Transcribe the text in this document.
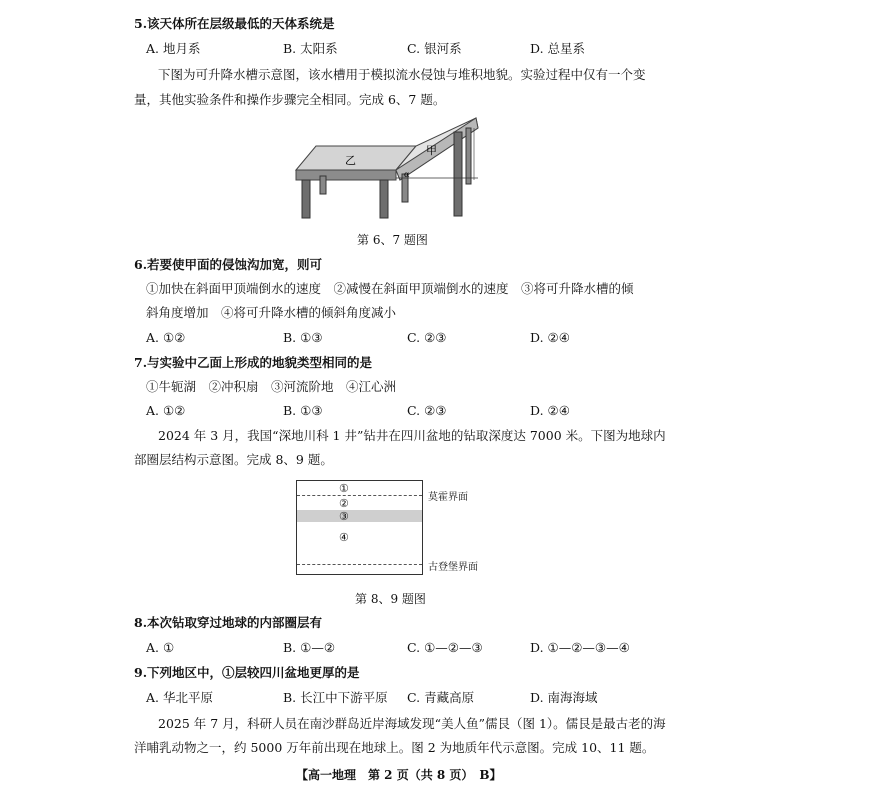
5.该天体所在层级最低的天体系统是
A. 地月系	B. 太阳系	C. 银河系	D. 总星系
下图为可升降水槽示意图，该水槽用于模拟流水侵蚀与堆积地貌。实验过程中仅有一个变
量，其他实验条件和操作步骤完全相同。完成 6、7 题。
乙
甲
α
第 6、7 题图
6.若要使甲面的侵蚀沟加宽，则可
①加快在斜面甲顶端倒水的速度　②减慢在斜面甲顶端倒水的速度　③将可升降水槽的倾
斜角度增加　④将可升降水槽的倾斜角度减小
A. ①②	B. ①③	C. ②③	D. ②④
7.与实验中乙面上形成的地貌类型相同的是
①牛轭湖　②冲积扇　③河流阶地　④江心洲
A. ①②	B. ①③	C. ②③	D. ②④
2024 年 3 月，我国“深地川科 1 井”钻井在四川盆地的钻取深度达 7000 米。下图为地球内
部圈层结构示意图。完成 8、9 题。
①
②
③
④
莫霍界面
古登堡界面
第 8、9 题图
8.本次钻取穿过地球的内部圈层有
A. ①	B. ①—②	C. ①—②—③	D. ①—②—③—④
9.下列地区中，①层较四川盆地更厚的是
A. 华北平原	B. 长江中下游平原 C. 青藏高原	D. 南海海域
2025 年 7 月，科研人员在南沙群岛近岸海域发现“美人鱼”儒艮（图 1）。儒艮是最古老的海
洋哺乳动物之一，约 5000 万年前出现在地球上。图 2 为地质年代示意图。完成 10、11 题。
【高一地理　第 2 页（共 8 页）　B】
